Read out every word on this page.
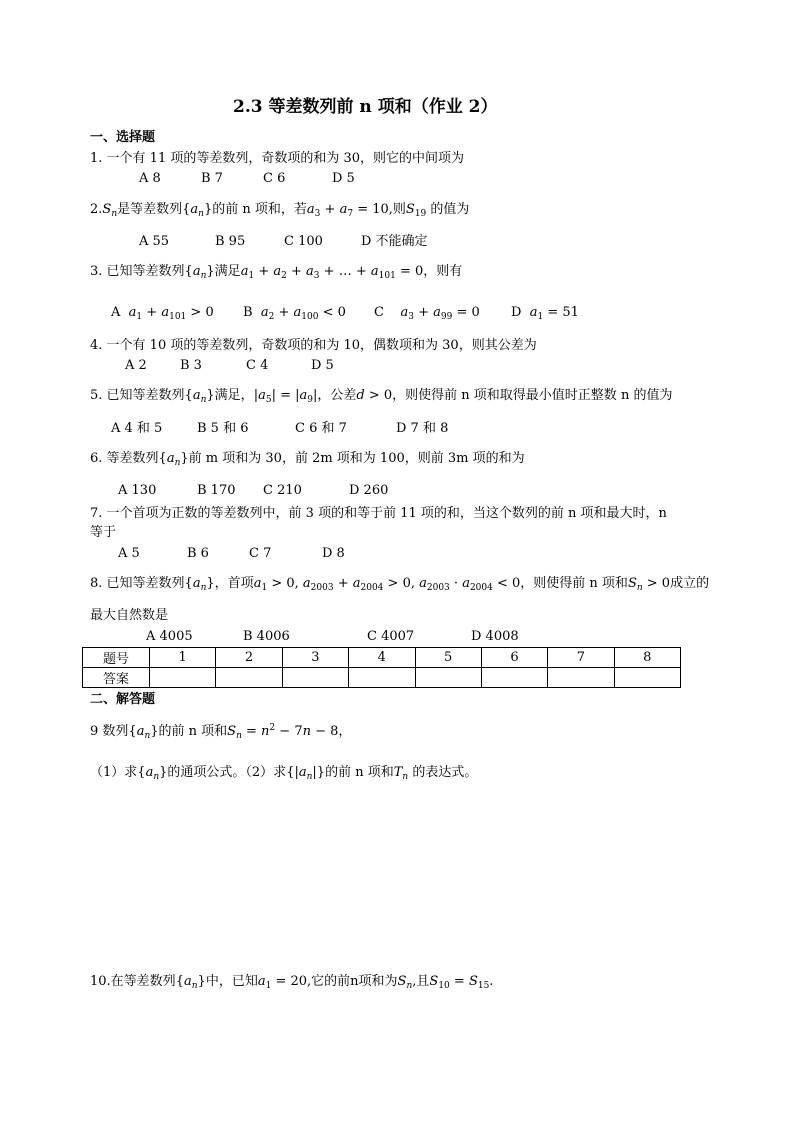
2.3 等差数列前 n 项和（作业 2）
一、选择题
1. 一个有 11 项的等差数列，奇数项的和为 30，则它的中间项为
A 8	B 7	C 6	D 5
$2.S_n$是等差数列$\{a_n\}$的前 n 项和，若$a_3 + a_7 = 10$,则$S_{19}$ 的值为
A 55	B 95	C 100	D 不能确定
3. 已知等差数列$\{a_n\}$满足$a_1 + a_2 + a_3$ + … + $a_{101} = 0$，则有
A $a_1 + a_{101} > 0$ B $a_2 + a_{100} < 0$ C $a_3 + a_{99} = 0$ D $a_1 = 51$
4. 一个有 10 项的等差数列，奇数项的和为 10，偶数项和为 30，则其公差为
A 2	B 3	C 4	D 5
5. 已知等差数列$\{a_n\}$满足，$|a_5| = |a_9|$，公差d > 0，则使得前 n 项和取得最小值时正整数 n 的值为
A 4 和 5	B 5 和 6	C 6 和 7	D 7 和 8
6. 等差数列$\{a_n\}$前 m 项和为 30，前 2m 项和为 100，则前 3m 项的和为
A 130	B 170 C 210	D 260
7. 一个首项为正数的等差数列中，前 3 项的和等于前 11 项的和，当这个数列的前 n 项和最大时，n
等于
A 5	B 6	C 7	D 8
8. 已知等差数列$\{a_n\}$，首项$a_1 > 0$, $a_{2003} + a_{2004} > 0$, $a_{2003} \cdot a_{2004} < 0$，则使得前 n 项和$S_n > 0$成立的
最大自然数是
A 4005	B 4006	C 4007	D 4008
题号	1	2	3	4	5	6	7	8
答案								
二、解答题
9 数列$\{a_n\}$的前 n 项和$S_n = n^2 - 7n - 8$，
（1）求$\{a_n\}$的通项公式。（2）求$\{|a_n|\}$的前 n 项和$T_n$ 的表达式。
10.在等差数列$\{a_n\}$中，已知$a_1 = 20$,它的前n项和为$S_n$,且$S_{10} = S_{15}$.
